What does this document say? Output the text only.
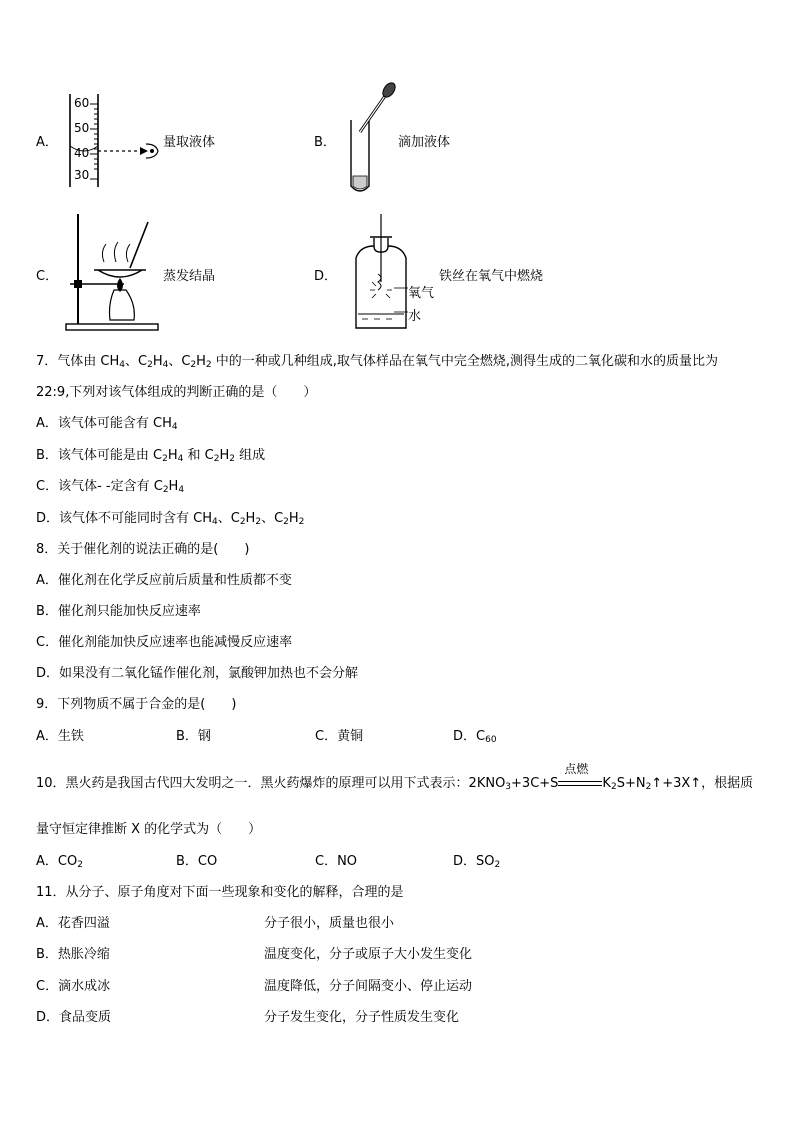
A．
60
50
40
30
量取液体	B．	滴加液体
C．	蒸发结晶	D．
氧气
水
铁丝在氧气中燃烧
7．气体由 $CH_4$、$C_2H_4$、$C_2H_2$ 中的一种或几种组成,取气体样品在氧气中完全燃烧,测得生成的二氧化碳和水的质量比为
22:9,下列对该气体组成的判断正确的是（　　）
A．该气体可能含有 $CH_4$
B．该气体可能是由 $C_2H_4$ 和 $C_2H_2$ 组成
C．该气体- -定含有 $C_2H_4$
D．该气体不可能同时含有 $CH_4$、$C_2H_2$、$C_2H_2$
8．关于催化剂的说法正确的是(　　)
A．催化剂在化学反应前后质量和性质都不变
B．催化剂只能加快反应速率
C．催化剂能加快反应速率也能减慢反应速率
D．如果没有二氧化锰作催化剂，氯酸钾加热也不会分解
9．下列物质不属于合金的是(　　)
A．生铁	B．钢	C．黄铜	D．$C_{60}$
10．黑火药是我国古代四大发明之一．黑火药爆炸的原理可以用下式表示：$2KNO_3+3C+S$
点燃
$K_2S+N_2↑+3X↑$，根据质
量守恒定律推断 X 的化学式为（　　）
A．$CO_2$	B．CO	C．NO	D．$SO_2$
11．从分子、原子角度对下面一些现象和变化的解释，合理的是
A．花香四溢	分子很小，质量也很小
B．热胀冷缩	温度变化，分子或原子大小发生变化
C．滴水成冰	温度降低，分子间隔变小、停止运动
D．食品变质	分子发生变化，分子性质发生变化
